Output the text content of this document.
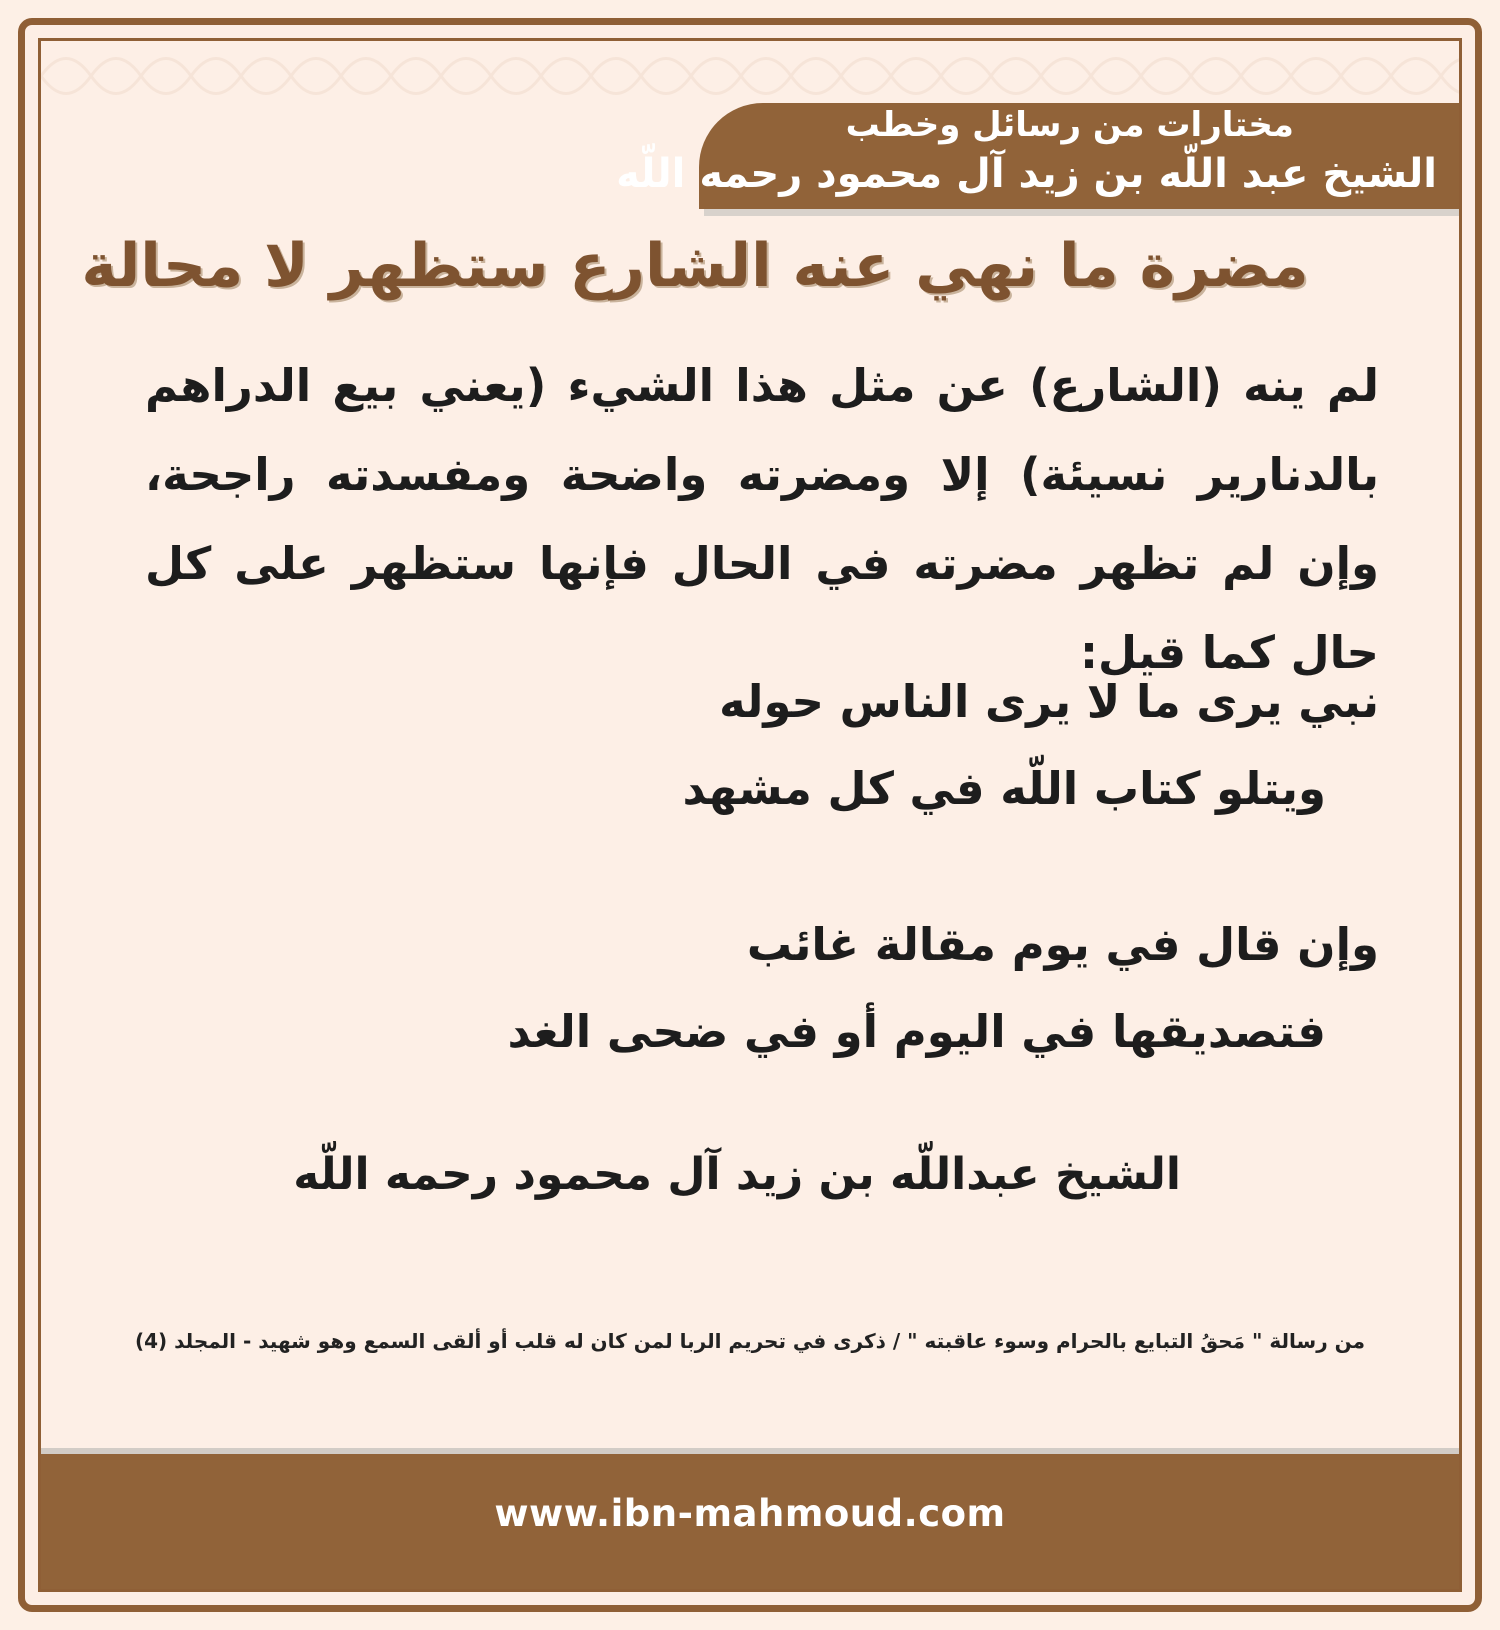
مختارات من رسائل وخطب
الشيخ عبد اللّه بن زيد آل محمود رحمه اللّه
مضرة ما نهي عنه الشارع ستظهر لا محالة
لم ينه (الشارع) عن مثل هذا الشيء (يعني بيع الدراهم بالدنارير نسيئة) إلا ومضرته واضحة ومفسدته راجحة، وإن لم تظهر مضرته في الحال فإنها ستظهر على كل حال كما قيل:
نبي يرى ما لا يرى الناس حوله
ويتلو كتاب اللّه في كل مشهد
وإن قال في يوم مقالة غائب
فتصديقها في اليوم أو في ضحى الغد
الشيخ عبداللّه بن زيد آل محمود رحمه اللّه
من رسالة " مَحقُ التبايع بالحرام وسوء عاقبته " / ذكرى في تحريم الربا لمن كان له قلب أو ألقى السمع وهو شهيد - المجلد (4)
www.ibn-mahmoud.com
